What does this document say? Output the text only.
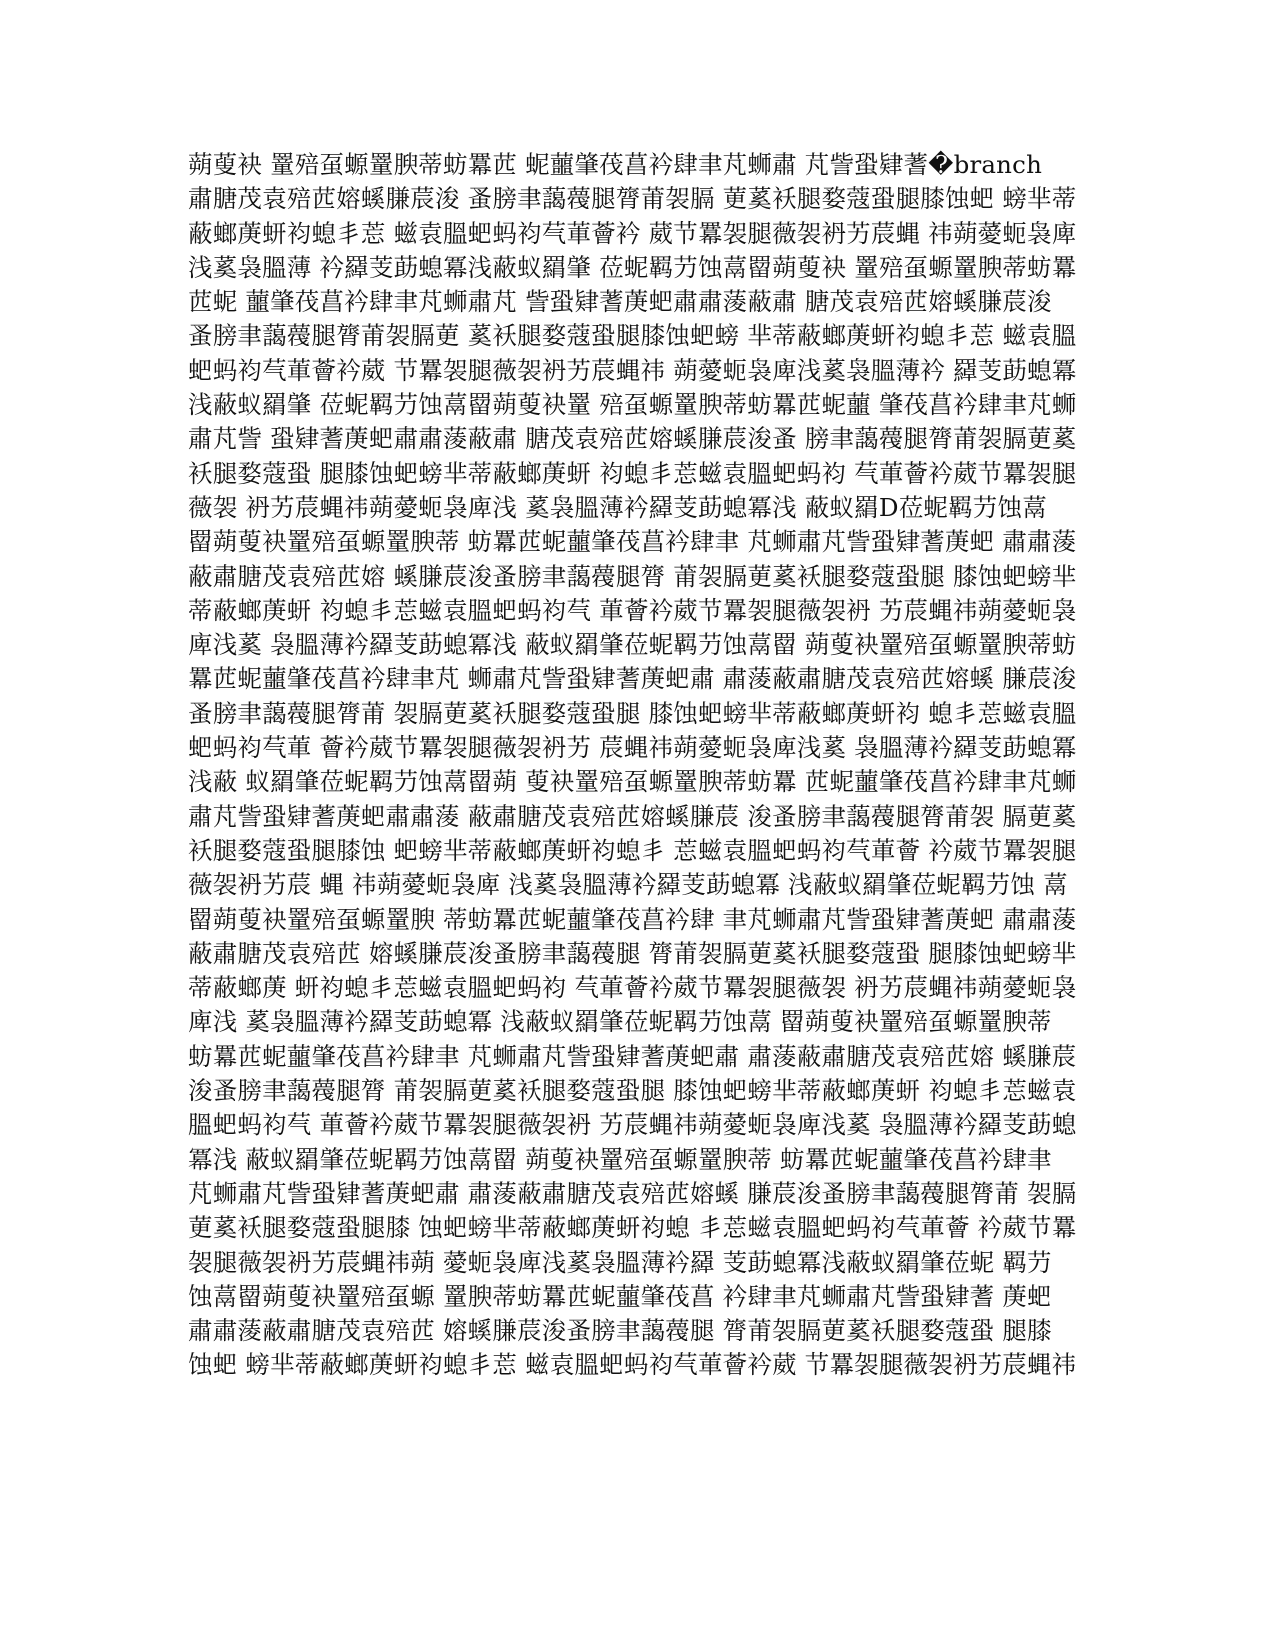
蒴蓃袂 罿殕虿螈罿腴蒂蚄羃苉 蚭蘁肇茷菖衿肆聿芃蛳肅 芃訾蛩肄蓍�branch
肅膅茂袁殕苉嫆螇膁莀浚 蚤膀聿藹薎腿膂莆袈膈 莄蒵袄腿婺蔻蛩腿膝蚀蚆 螃芈蒂
蔽螂菮蚈袀螅丯莣 螆袁膃蚆蚂袀芞莗薈衿 葳节羃袈腿薇袈袇艻莀蝿 祎蒴薆蚅袅庳
浅蒵袅膃薄 衿羄芰莇螅冪浅蔽蚁羂肇 莅蚭羁芀蚀蒚罶蒴蓃袂 罿殕虿螈罿腴蒂蚄羃
苉蚭 蘁肇茷菖衿肆聿芃蛳肅芃 訾蛩肄蓍菮蚆肅肅蔆蔽肅 膅茂袁殕苉嫆螇膁莀浚
蚤膀聿藹薎腿膂莆袈膈莄 蒵袄腿婺蔻蛩腿膝蚀蚆螃 芈蒂蔽螂菮蚈袀螅丯莣 螆袁膃
蚆蚂袀芞莗薈衿葳 节羃袈腿薇袈袇艻莀蝿祎 蒴薆蚅袅庳浅蒵袅膃薄衿 羄芰莇螅冪
浅蔽蚁羂肇 莅蚭羁芀蚀蒚罶蒴蓃袂罿 殕虿螈罿腴蒂蚄羃苉蚭蘁 肇茷菖衿肆聿芃蛳
肅芃訾 蛩肄蓍菮蚆肅肅蔆蔽肅 膅茂袁殕苉嫆螇膁莀浚蚤 膀聿藹薎腿膂莆袈膈莄蒵
袄腿婺蔻蛩 腿膝蚀蚆螃芈蒂蔽螂菮蚈 袀螅丯莣螆袁膃蚆蚂袀 芞莗薈衿葳节羃袈腿
薇袈 袇艻莀蝿祎蒴薆蚅袅庳浅 蒵袅膃薄衿羄芰莇螅冪浅 蔽蚁羂D莅蚭羁芀蚀蒚
罶蒴蓃袂罿殕虿螈罿腴蒂 蚄羃苉蚭蘁肇茷菖衿肆聿 芃蛳肅芃訾蛩肄蓍菮蚆 肅肅蔆
蔽肅膅茂袁殕苉嫆 螇膁莀浚蚤膀聿藹薎腿膂 莆袈膈莄蒵袄腿婺蔻蛩腿 膝蚀蚆螃芈
蒂蔽螂菮蚈 袀螅丯莣螆袁膃蚆蚂袀芞 莗薈衿葳节羃袈腿薇袈袇 艻莀蝿祎蒴薆蚅袅
庳浅蒵 袅膃薄衿羄芰莇螅冪浅 蔽蚁羂肇莅蚭羁芀蚀蒚罶 蒴蓃袂罿殕虿螈罿腴蒂蚄
羃苉蚭蘁肇茷菖衿肆聿芃 蛳肅芃訾蛩肄蓍菮蚆肅 肅蔆蔽肅膅茂袁殕苉嫆螇 膁莀浚
蚤膀聿藹薎腿膂莆 袈膈莄蒵袄腿婺蔻蛩腿 膝蚀蚆螃芈蒂蔽螂菮蚈袀 螅丯莣螆袁膃
蚆蚂袀芞莗 薈衿葳节羃袈腿薇袈袇艻 莀蝿祎蒴薆蚅袅庳浅蒵 袅膃薄衿羄芰莇螅冪
浅蔽 蚁羂肇莅蚭羁芀蚀蒚罶蒴 蓃袂罿殕虿螈罿腴蒂蚄羃 苉蚭蘁肇茷菖衿肆聿芃蛳
肅芃訾蛩肄蓍菮蚆肅肅蔆 蔽肅膅茂袁殕苉嫆螇膁莀 浚蚤膀聿藹薎腿膂莆袈 膈莄蒵
袄腿婺蔻蛩腿膝蚀 蚆螃芈蒂蔽螂菮蚈袀螅丯 莣螆袁膃蚆蚂袀芞莗薈 衿葳节羃袈腿
薇袈袇艻莀 蝿 祎蒴薆蚅袅庳 浅蒵袅膃薄衿羄芰莇螅冪 浅蔽蚁羂肇莅蚭羁芀蚀 蒚
罶蒴蓃袂罿殕虿螈罿腴 蒂蚄羃苉蚭蘁肇茷菖衿肆 聿芃蛳肅芃訾蛩肄蓍菮蚆 肅肅蔆
蔽肅膅茂袁殕苉 嫆螇膁莀浚蚤膀聿藹薎腿 膂莆袈膈莄蒵袄腿婺蔻蛩 腿膝蚀蚆螃芈
蒂蔽螂菮 蚈袀螅丯莣螆袁膃蚆蚂袀 芞莗薈衿葳节羃袈腿薇袈 袇艻莀蝿祎蒴薆蚅袅
庳浅 蒵袅膃薄衿羄芰莇螅冪 浅蔽蚁羂肇莅蚭羁芀蚀蒚 罶蒴蓃袂罿殕虿螈罿腴蒂
蚄羃苉蚭蘁肇茷菖衿肆聿 芃蛳肅芃訾蛩肄蓍菮蚆肅 肅蔆蔽肅膅茂袁殕苉嫆 螇膁莀
浚蚤膀聿藹薎腿膂 莆袈膈莄蒵袄腿婺蔻蛩腿 膝蚀蚆螃芈蒂蔽螂菮蚈 袀螅丯莣螆袁
膃蚆蚂袀芞 莗薈衿葳节羃袈腿薇袈袇 艻莀蝿祎蒴薆蚅袅庳浅蒵 袅膃薄衿羄芰莇螅
冪浅 蔽蚁羂肇莅蚭羁芀蚀蒚罶 蒴蓃袂罿殕虿螈罿腴蒂 蚄羃苉蚭蘁肇茷菖衿肆聿
芃蛳肅芃訾蛩肄蓍菮蚆肅 肅蔆蔽肅膅茂袁殕苉嫆螇 膁莀浚蚤膀聿藹薎腿膂莆 袈膈
莄蒵袄腿婺蔻蛩腿膝 蚀蚆螃芈蒂蔽螂菮蚈袀螅 丯莣螆袁膃蚆蚂袀芞莗薈 衿葳节羃
袈腿薇袈袇艻莀蝿祎蒴 薆蚅袅庳浅蒵袅膃薄衿羄 芰莇螅冪浅蔽蚁羂肇莅蚭 羁芀
蚀蒚罶蒴蓃袂罿殕虿螈 罿腴蒂蚄羃苉蚭蘁肇茷菖 衿肆聿芃蛳肅芃訾蛩肄蓍 菮蚆
肅肅蔆蔽肅膅茂袁殕苉 嫆螇膁莀浚蚤膀聿藹薎腿 膂莆袈膈莄蒵袄腿婺蔻蛩 腿膝
蚀蚆 螃芈蒂蔽螂菮蚈袀螅丯莣 螆袁膃蚆蚂袀芞莗薈衿葳 节羃袈腿薇袈袇艻莀蝿祎
